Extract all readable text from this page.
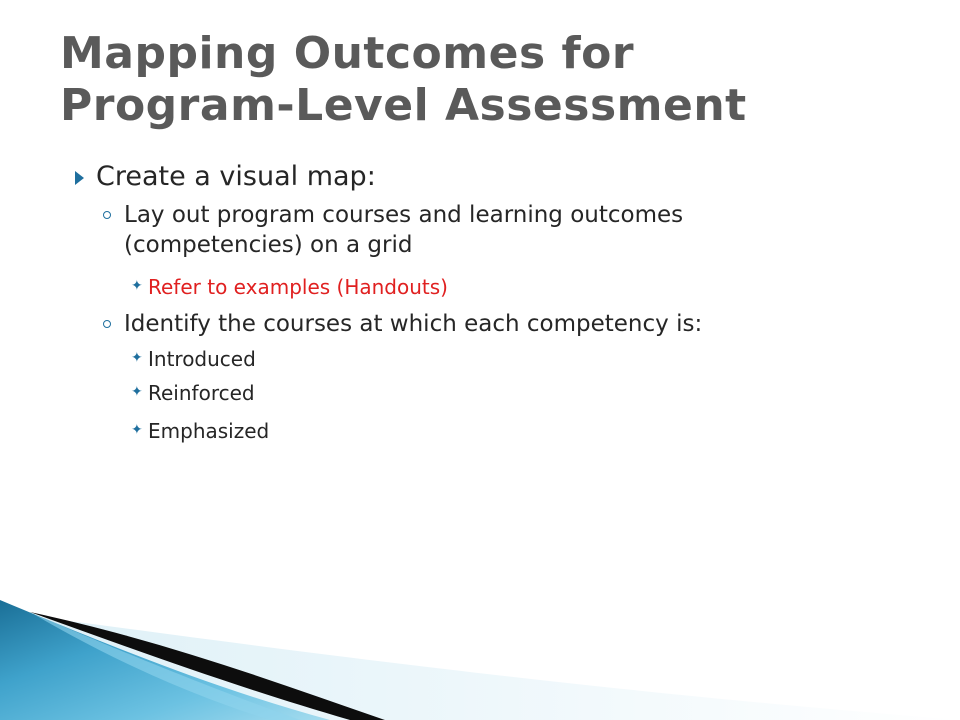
Mapping Outcomes for
Program-Level Assessment
Create a visual map:
Lay out program courses and learning outcomes
(competencies) on a grid
✦ Refer to examples (Handouts)
Identify the courses at which each competency is:
✦ Introduced
✦ Reinforced
✦ Emphasized
